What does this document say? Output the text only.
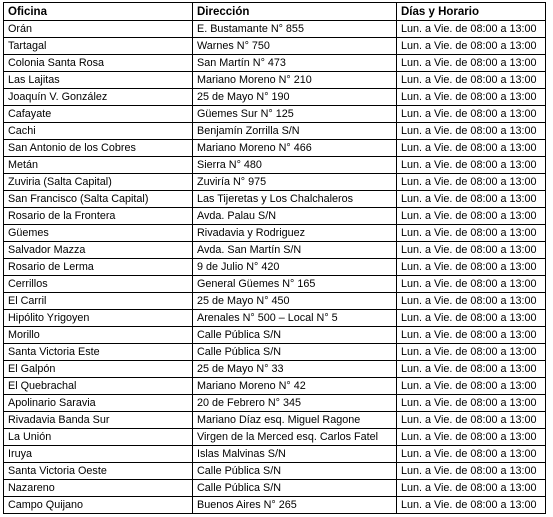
Oficina	Dirección	Días y Horario
Orán	E. Bustamante N° 855	Lun. a Vie. de 08:00 a 13:00
Tartagal	Warnes N° 750	Lun. a Vie. de 08:00 a 13:00
Colonia Santa Rosa	San Martín N° 473	Lun. a Vie. de 08:00 a 13:00
Las Lajitas	Mariano Moreno N° 210	Lun. a Vie. de 08:00 a 13:00
Joaquín V. González	25 de Mayo N° 190	Lun. a Vie. de 08:00 a 13:00
Cafayate	Güemes Sur N° 125	Lun. a Vie. de 08:00 a 13:00
Cachi	Benjamín Zorrilla S/N	Lun. a Vie. de 08:00 a 13:00
San Antonio de los Cobres	Mariano Moreno N° 466	Lun. a Vie. de 08:00 a 13:00
Metán	Sierra N° 480	Lun. a Vie. de 08:00 a 13:00
Zuviria (Salta Capital)	Zuviría N° 975	Lun. a Vie. de 08:00 a 13:00
San Francisco (Salta Capital)	Las Tijeretas y Los Chalchaleros	Lun. a Vie. de 08:00 a 13:00
Rosario de la Frontera	Avda. Palau S/N	Lun. a Vie. de 08:00 a 13:00
Güemes	Rivadavia y Rodriguez	Lun. a Vie. de 08:00 a 13:00
Salvador Mazza	Avda. San Martín S/N	Lun. a Vie. de 08:00 a 13:00
Rosario de Lerma	9 de Julio N° 420	Lun. a Vie. de 08:00 a 13:00
Cerrillos	General Güemes N° 165	Lun. a Vie. de 08:00 a 13:00
El Carril	25 de Mayo N° 450	Lun. a Vie. de 08:00 a 13:00
Hipólito Yrigoyen	Arenales N° 500 – Local N° 5	Lun. a Vie. de 08:00 a 13:00
Morillo	Calle Pública S/N	Lun. a Vie. de 08:00 a 13:00
Santa Victoria Este	Calle Pública S/N	Lun. a Vie. de 08:00 a 13:00
El Galpón	25 de Mayo N° 33	Lun. a Vie. de 08:00 a 13:00
El Quebrachal	Mariano Moreno N° 42	Lun. a Vie. de 08:00 a 13:00
Apolinario Saravia	20 de Febrero N° 345	Lun. a Vie. de 08:00 a 13:00
Rivadavia Banda Sur	Mariano Díaz esq. Miguel Ragone	Lun. a Vie. de 08:00 a 13:00
La Unión	Virgen de la Merced esq. Carlos Fatel	Lun. a Vie. de 08:00 a 13:00
Iruya	Islas Malvinas S/N	Lun. a Vie. de 08:00 a 13:00
Santa Victoria Oeste	Calle Pública S/N	Lun. a Vie. de 08:00 a 13:00
Nazareno	Calle Pública S/N	Lun. a Vie. de 08:00 a 13:00
Campo Quijano	Buenos Aires N° 265	Lun. a Vie. de 08:00 a 13:00
